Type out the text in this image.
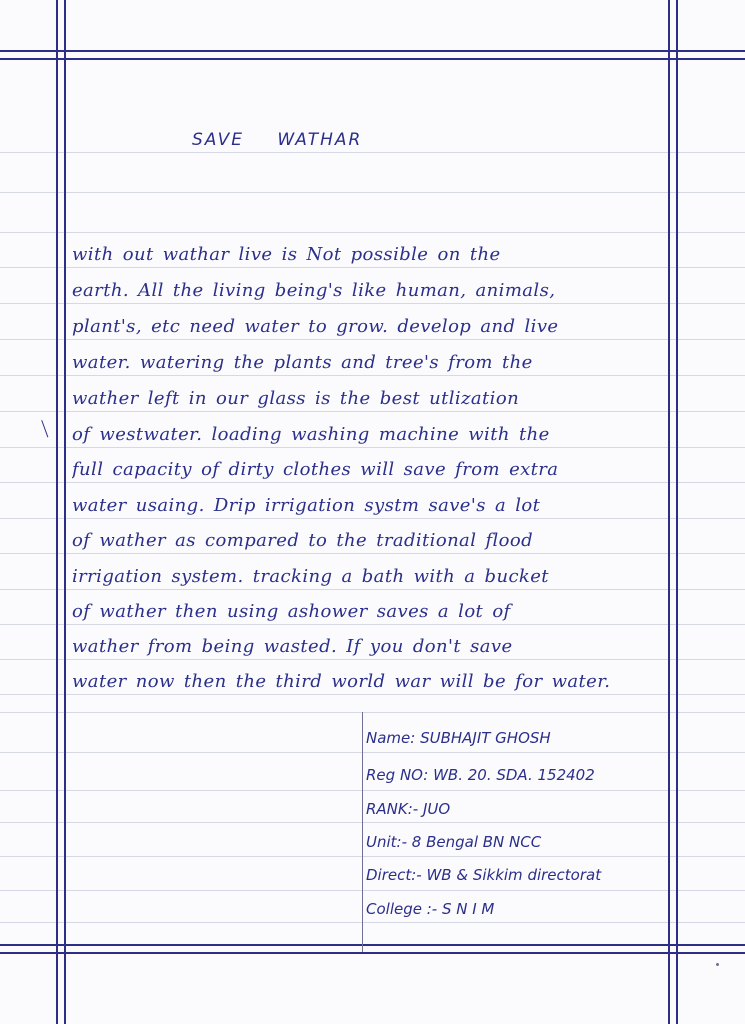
SAVE WATHAR
with out wathar live is Not possible on the
earth. All the living being's like human, animals,
plant's, etc need water to grow. develop and live
water. watering the plants and tree's from the
wather left in our glass is the best utlization
of westwater. loading washing machine with the
full capacity of dirty clothes will save from extra
water usaing. Drip irrigation systm save's a lot
of wather as compared to the traditional flood
irrigation system. tracking a bath with a bucket
of wather then using ashower saves a lot of
wather from being wasted. If you don't save
water now then the third world war will be for water.
Name: SUBHAJIT GHOSH
Reg NO: WB. 20. SDA. 152402
RANK:- JUO
Unit:- 8 Bengal BN NCC
Direct:- WB & Sikkim directorat
College :- S N I M
